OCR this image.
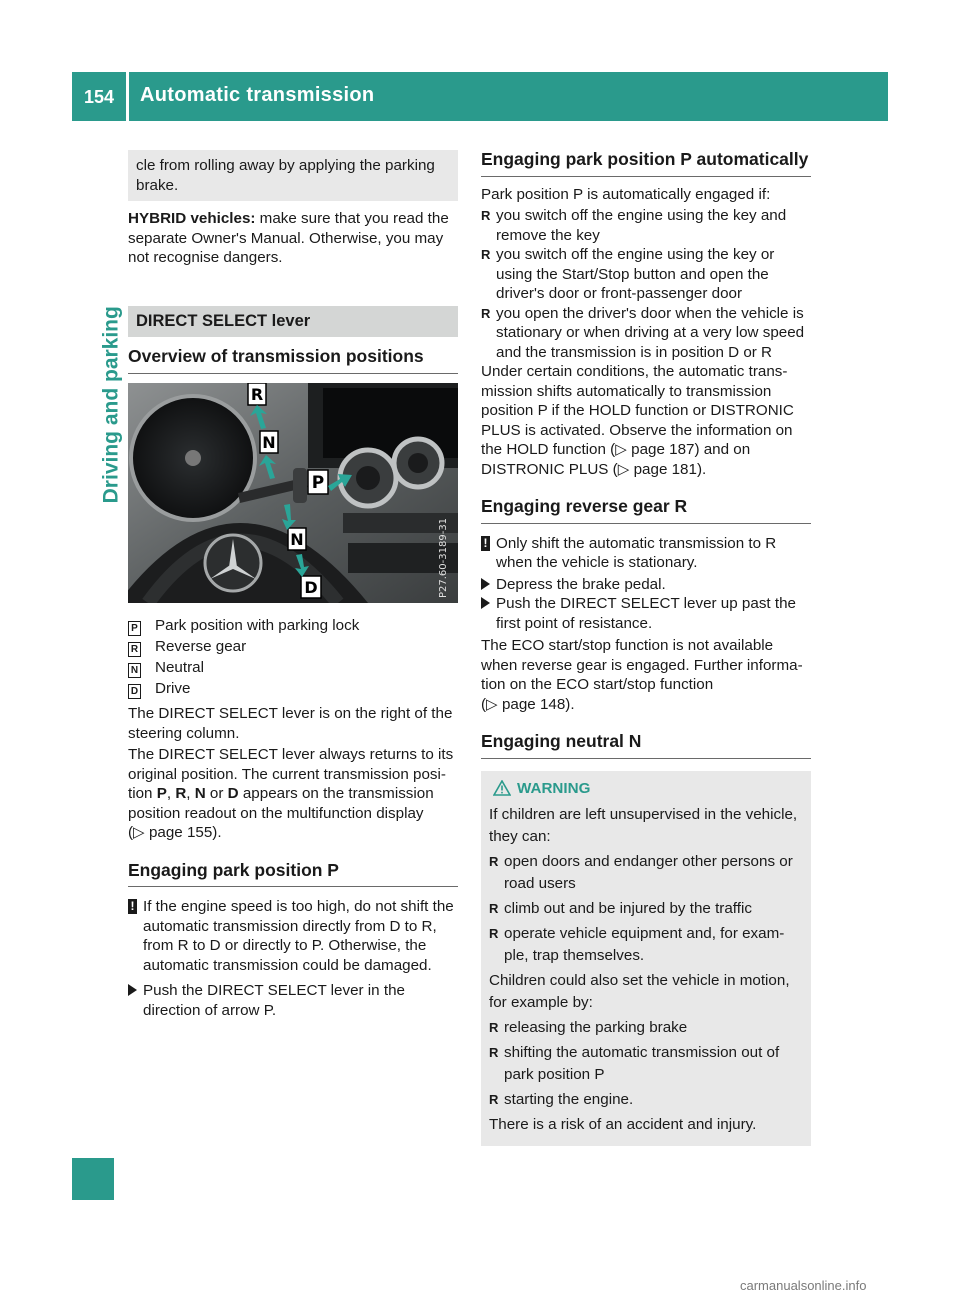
154 Automatic transmission
Driving and parking

cle from rolling away by applying the parking brake.

HYBRID vehicles: make sure that you read the separate Owner's Manual. Otherwise, you may not recognise dangers.

DIRECT SELECT lever
Overview of transmission positions
R
N
P
N
D	P27.60-3189-31
P Park position with parking lock
R Reverse gear
N Neutral
D Drive

The DIRECT SELECT lever is on the right of the steering column.

The DIRECT SELECT lever always returns to its original position. The current transmission posi- tion P, R, N or D appears on the transmission position readout on the multifunction display
(▷ page 155).

Engaging park position P
! If the engine speed is too high, do not shift the automatic transmission directly from D to R, from R to D or directly to P. Otherwise, the automatic transmission could be damaged.
Push the DIRECT SELECT lever in the direction of arrow P.
Engaging park position P automatically

Park position P is automatically engaged if:

R you switch off the engine using the key and remove the key
R you switch off the engine using the key or using the Start/Stop button and open the driver's door or front-passenger door
R you open the driver's door when the vehicle is stationary or when driving at a very low speed and the transmission is in position D or R

Under certain conditions, the automatic trans- mission shifts automatically to transmission position P if the HOLD function or DISTRONIC PLUS is activated. Observe the information on the HOLD function (▷ page 187) and on DISTRONIC PLUS (▷ page 181).

Engaging reverse gear R
! Only shift the automatic transmission to R when the vehicle is stationary.
Depress the brake pedal.
Push the DIRECT SELECT lever up past the first point of resistance.

The ECO start/stop function is not available when reverse gear is engaged. Further informa- tion on the ECO start/stop function
(▷ page 148).

Engaging neutral N
WARNING

If children are left unsupervised in the vehicle, they can:

R open doors and endanger other persons or road users
R climb out and be injured by the traffic
R operate vehicle equipment and, for exam- ple, trap themselves.

Children could also set the vehicle in motion, for example by:

R releasing the parking brake
R shifting the automatic transmission out of park position P
R starting the engine.

There is a risk of an accident and injury.

carmanualsonline.info
